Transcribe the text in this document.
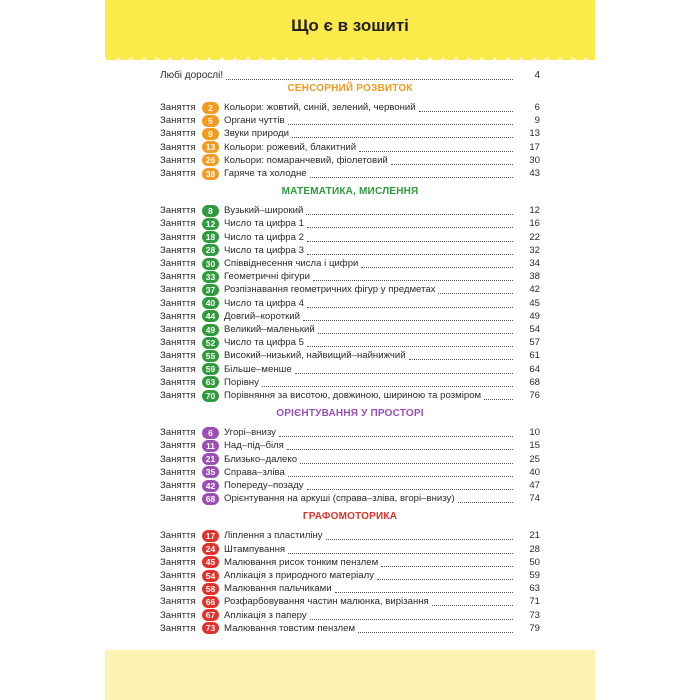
Що є в зошиті
Любі дорослі!	4
СЕНСОРНИЙ РОЗВИТОК
Заняття	2	Кольори: жовтий, синій, зелений, червоний	6
Заняття	5	Органи чуттів	9
Заняття	9	Звуки природи	13
Заняття	13 Кольори: рожевий, блакитний	17
Заняття	26 Кольори: помаранчевий, фіолетовий	30
Заняття	38 Гаряче та холодне	43
МАТЕМАТИКА, МИСЛЕННЯ
Заняття	8	Вузький–широкий	12
Заняття	12 Число та цифра 1	16
Заняття	18 Число та цифра 2	22
Заняття	28 Число та цифра 3	32
Заняття	30 Співвіднесення числа і цифри	34
Заняття	33 Геометричні фігури	38
Заняття	37 Розпізнавання геометричних фігур у предметах	42
Заняття	40 Число та цифра 4	45
Заняття	44 Довгий–короткий	49
Заняття	49 Великий–маленький	54
Заняття	52 Число та цифра 5	57
Заняття	55 Високий–низький, найвищий–найнижчий	61
Заняття	59 Більше–менше	64
Заняття	63 Порівну	68
Заняття	70 Порівняння за висотою, довжиною, шириною та розміром	76
ОРІЄНТУВАННЯ У ПРОСТОРІ
Заняття	6	Угорі–внизу	10
Заняття	11 Над–під–біля	15
Заняття	21 Близько–далеко	25
Заняття	35 Справа–зліва	40
Заняття	42 Попереду–позаду	47
Заняття	68 Орієнтування на аркуші (справа–зліва, вгорі–внизу)	74
ГРАФОМОТОРИКА
Заняття	17 Ліплення з пластиліну	21
Заняття	24 Штампування	28
Заняття	45 Малювання рисок тонким пензлем	50
Заняття	54 Аплікація з природного матеріалу	59
Заняття	58 Малювання пальчиками	63
Заняття	66 Розфарбовування частин малюнка, вирізання	71
Заняття	67 Аплікація з паперу	73
Заняття	73 Малювання товстим пензлем	79
